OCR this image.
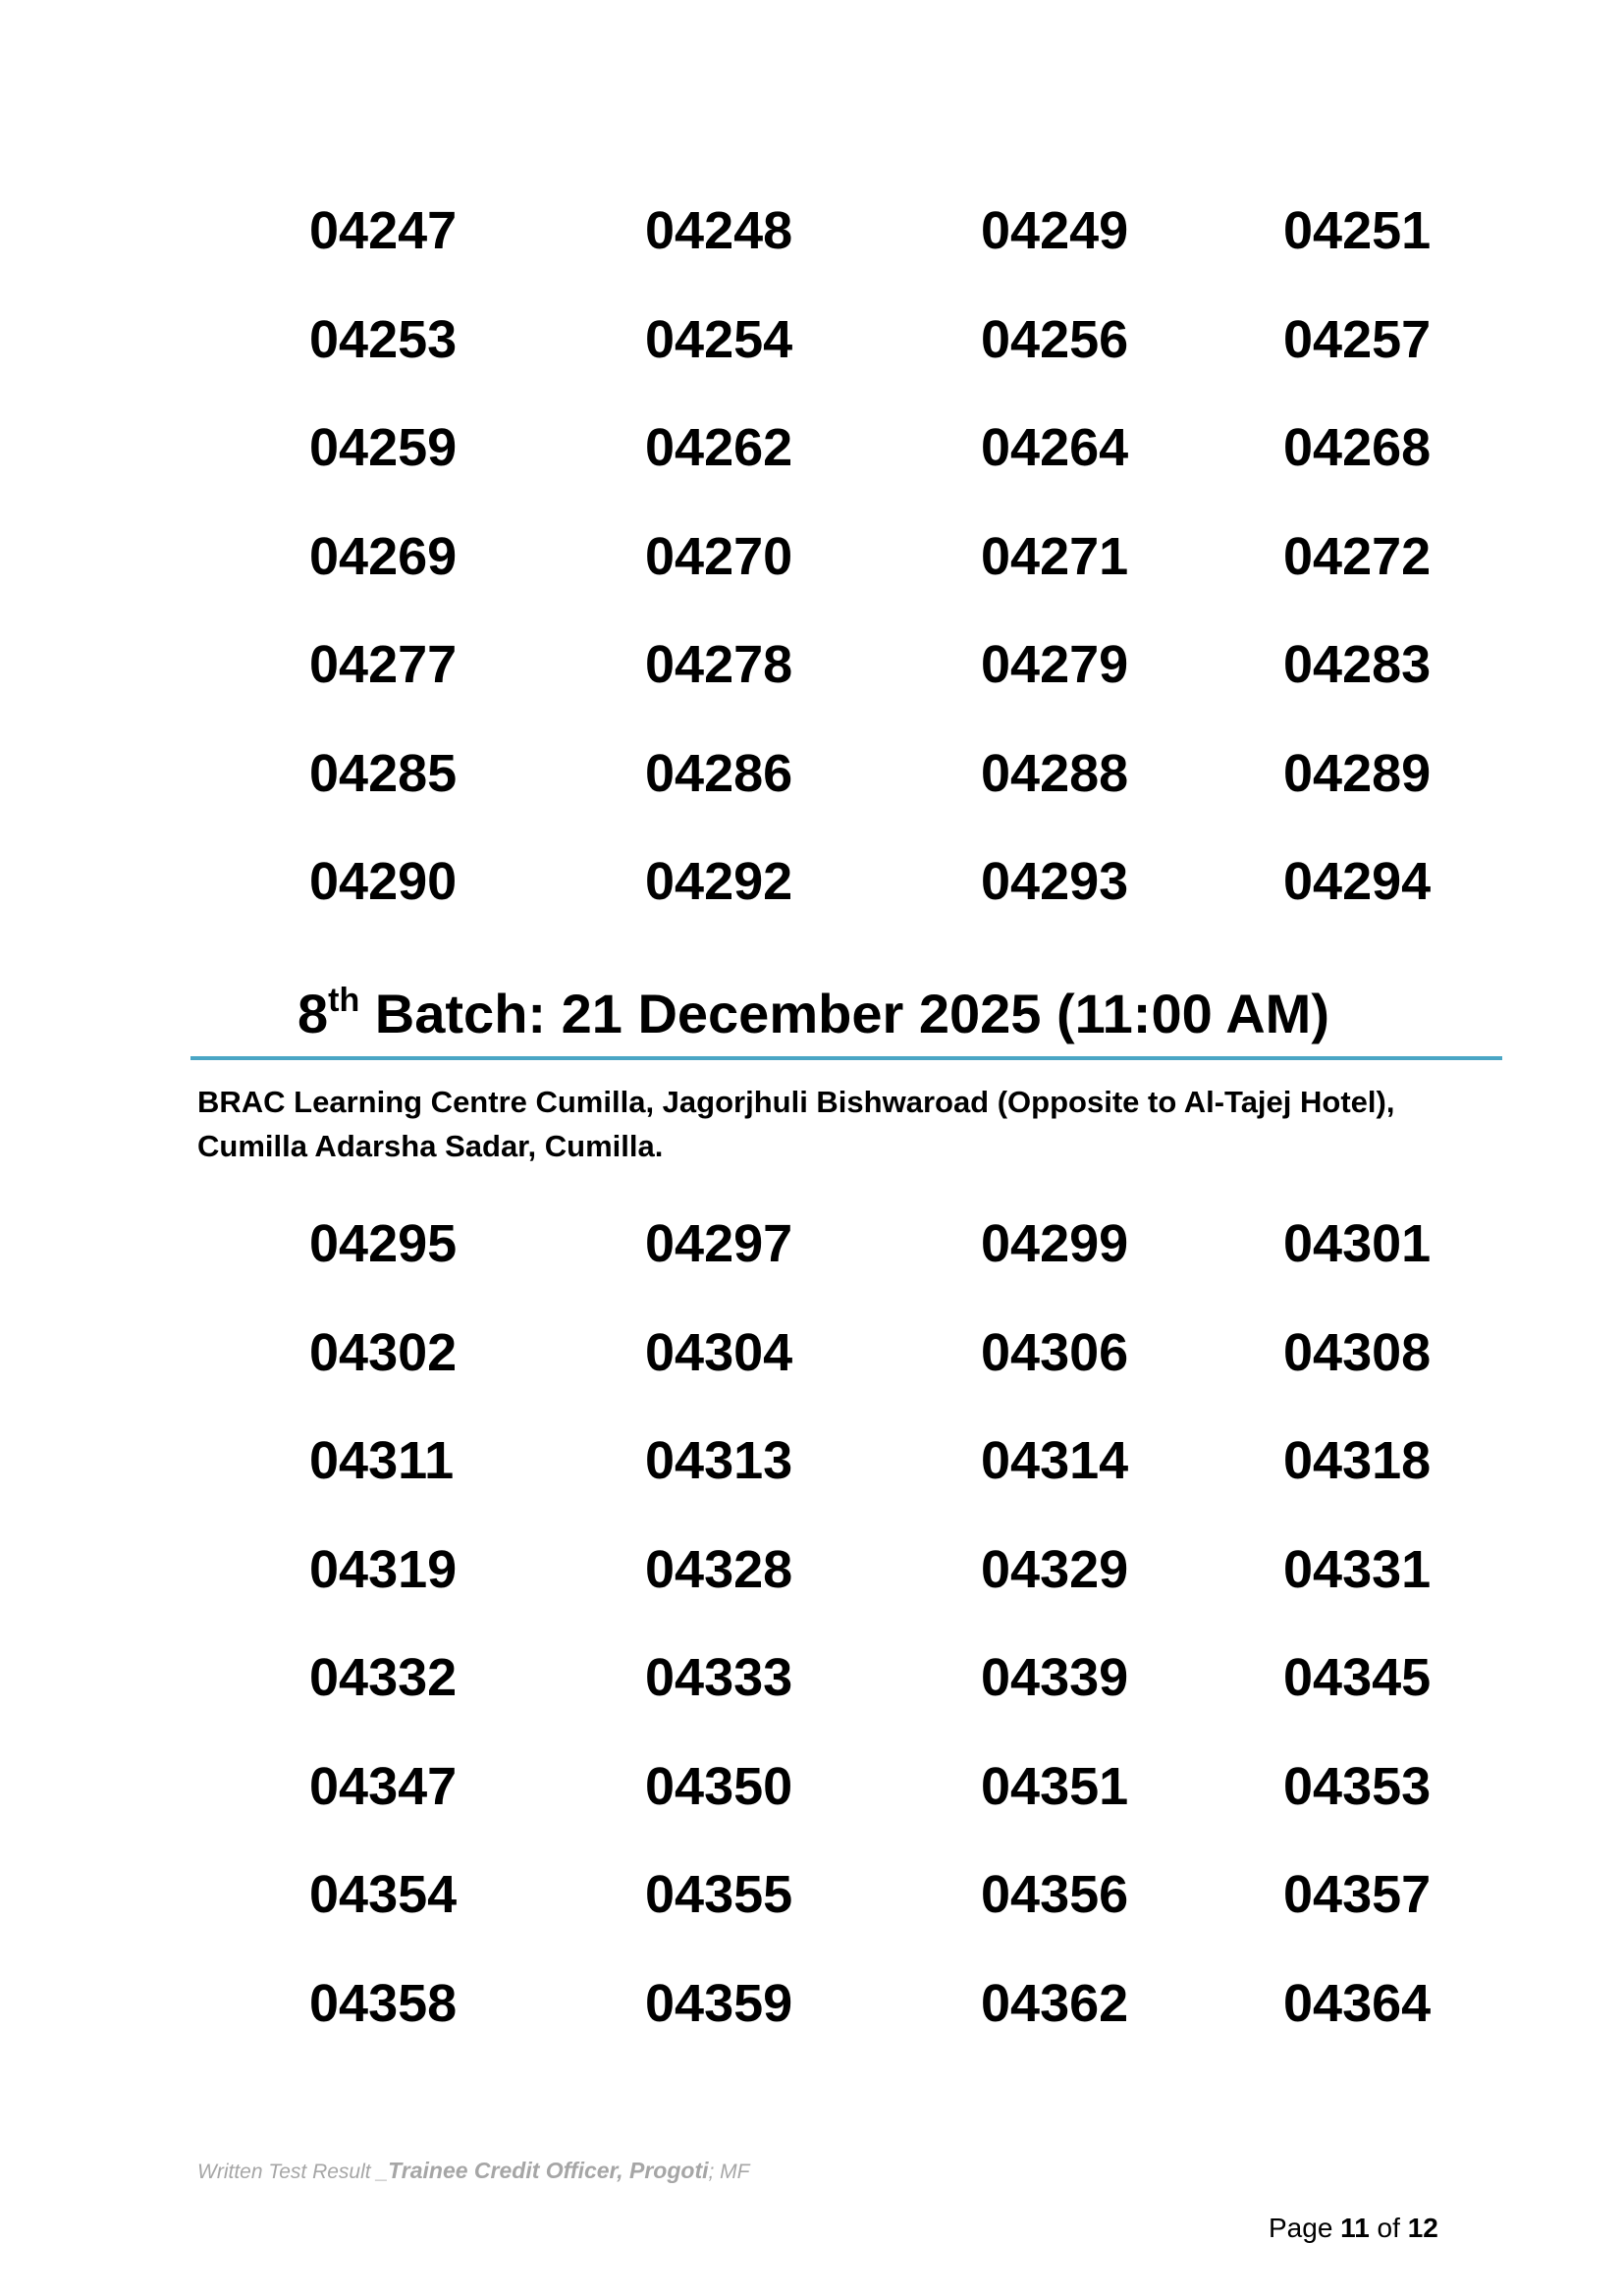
04247	04248	04249	04251
04253	04254	04256	04257
04259	04262	04264	04268
04269	04270	04271	04272
04277	04278	04279	04283
04285	04286	04288	04289
04290	04292	04293	04294
8th Batch: 21 December 2025 (11:00 AM)
BRAC Learning Centre Cumilla, Jagorjhuli Bishwaroad (Opposite to Al-Tajej Hotel), Cumilla Adarsha Sadar, Cumilla.
04295	04297	04299	04301
04302	04304	04306	04308
04311	04313	04314	04318
04319	04328	04329	04331
04332	04333	04339	04345
04347	04350	04351	04353
04354	04355	04356	04357
04358	04359	04362	04364
Written Test Result _Trainee Credit Officer, Progoti; MF
Page 11 of 12
